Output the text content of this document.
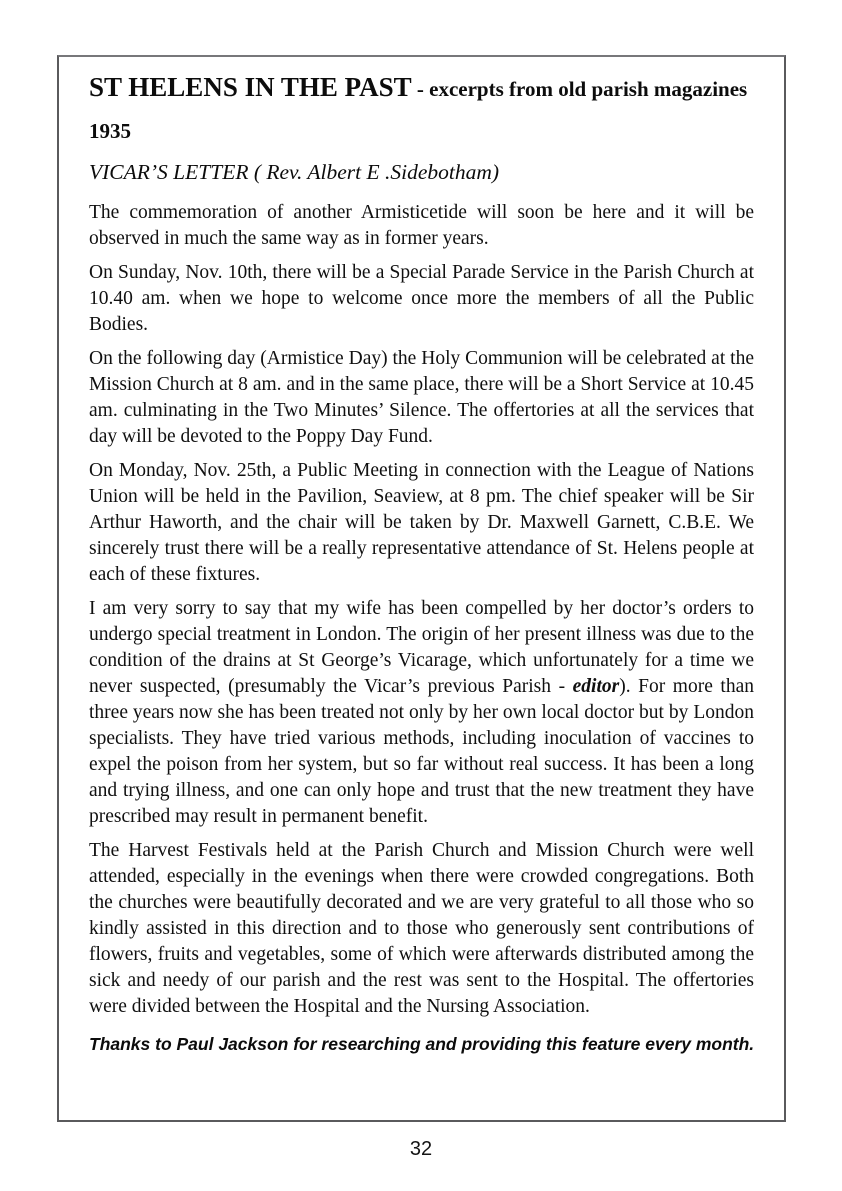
ST HELENS IN THE PAST - excerpts from old parish magazines
1935
VICAR’S LETTER ( Rev. Albert E .Sidebotham)

The commemoration of another Armisticetide will soon be here and it will be observed in much the same way as in former years.

On Sunday, Nov. 10th, there will be a Special Parade Service in the Parish Church at 10.40 am. when we hope to welcome once more the members of all the Public Bodies.

On the following day (Armistice Day) the Holy Communion will be celebrated at the Mission Church at 8 am. and in the same place, there will be a Short Service at 10.45 am. culminating in the Two Minutes’ Silence. The offertories at all the services that day will be devoted to the Poppy Day Fund.

On Monday, Nov. 25th, a Public Meeting in connection with the League of Nations Union will be held in the Pavilion, Seaview, at 8 pm. The chief speaker will be Sir Arthur Haworth, and the chair will be taken by Dr. Maxwell Garnett, C.B.E. We sincerely trust there will be a really representative attendance of St. Helens people at each of these fixtures.

I am very sorry to say that my wife has been compelled by her doctor’s orders to undergo special treatment in London. The origin of her present illness was due to the condition of the drains at St George’s Vicarage, which unfortunately for a time we never suspected, (presumably the Vicar’s previous Parish - editor). For more than three years now she has been treated not only by her own local doctor but by London specialists. They have tried various methods, including inoculation of vaccines to expel the poison from her system, but so far without real success. It has been a long and trying illness, and one can only hope and trust that the new treatment they have prescribed may result in permanent benefit.

The Harvest Festivals held at the Parish Church and Mission Church were well attended, especially in the evenings when there were crowded congregations. Both the churches were beautifully decorated and we are very grateful to all those who so kindly assisted in this direction and to those who generously sent contributions of flowers, fruits and vegetables, some of which were afterwards distributed among the sick and needy of our parish and the rest was sent to the Hospital. The offertories were divided between the Hospital and the Nursing Association.

Thanks to Paul Jackson for researching and providing this feature every month.

32
